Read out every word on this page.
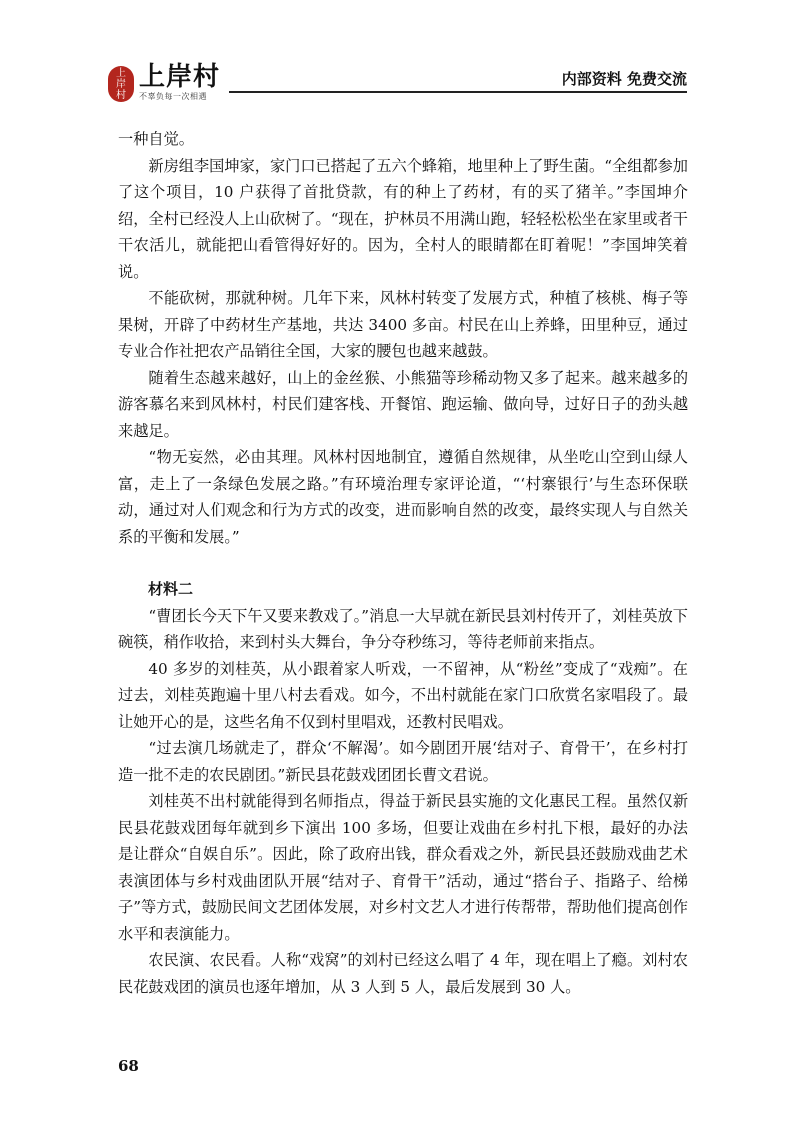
上
岸
村
上岸村
不辜负每一次相遇
内部资料 免费交流

一种自觉。

新房组李国坤家，家门口已搭起了五六个蜂箱，地里种上了野生菌。“全组都参加了这个项目，10 户获得了首批贷款，有的种上了药材，有的买了猪羊。”李国坤介绍，全村已经没人上山砍树了。“现在，护林员不用满山跑，轻轻松松坐在家里或者干干农活儿，就能把山看管得好好的。因为，全村人的眼睛都在盯着呢！”李国坤笑着说。

不能砍树，那就种树。几年下来，风林村转变了发展方式，种植了核桃、梅子等果树，开辟了中药材生产基地，共达 3400 多亩。村民在山上养蜂，田里种豆，通过专业合作社把农产品销往全国，大家的腰包也越来越鼓。

随着生态越来越好，山上的金丝猴、小熊猫等珍稀动物又多了起来。越来越多的游客慕名来到风林村，村民们建客栈、开餐馆、跑运输、做向导，过好日子的劲头越来越足。

“物无妄然，必由其理。风林村因地制宜，遵循自然规律，从坐吃山空到山绿人富，走上了一条绿色发展之路。”有环境治理专家评论道，“‘村寨银行’与生态环保联动，通过对人们观念和行为方式的改变，进而影响自然的改变，最终实现人与自然关系的平衡和发展。”

材料二

“曹团长今天下午又要来教戏了。”消息一大早就在新民县刘村传开了，刘桂英放下碗筷，稍作收拾，来到村头大舞台，争分夺秒练习，等待老师前来指点。

40 多岁的刘桂英，从小跟着家人听戏，一不留神，从“粉丝”变成了“戏痴”。在过去，刘桂英跑遍十里八村去看戏。如今，不出村就能在家门口欣赏名家唱段了。最让她开心的是，这些名角不仅到村里唱戏，还教村民唱戏。

“过去演几场就走了，群众‘不解渴’。如今剧团开展‘结对子、育骨干’，在乡村打造一批不走的农民剧团。”新民县花鼓戏团团长曹文君说。

刘桂英不出村就能得到名师指点，得益于新民县实施的文化惠民工程。虽然仅新民县花鼓戏团每年就到乡下演出 100 多场，但要让戏曲在乡村扎下根，最好的办法是让群众“自娱自乐”。因此，除了政府出钱，群众看戏之外，新民县还鼓励戏曲艺术表演团体与乡村戏曲团队开展“结对子、育骨干”活动，通过“搭台子、指路子、给梯子”等方式，鼓励民间文艺团体发展，对乡村文艺人才进行传帮带，帮助他们提高创作水平和表演能力。

农民演、农民看。人称“戏窝”的刘村已经这么唱了 4 年，现在唱上了瘾。刘村农民花鼓戏团的演员也逐年增加，从 3 人到 5 人，最后发展到 30 人。

68
